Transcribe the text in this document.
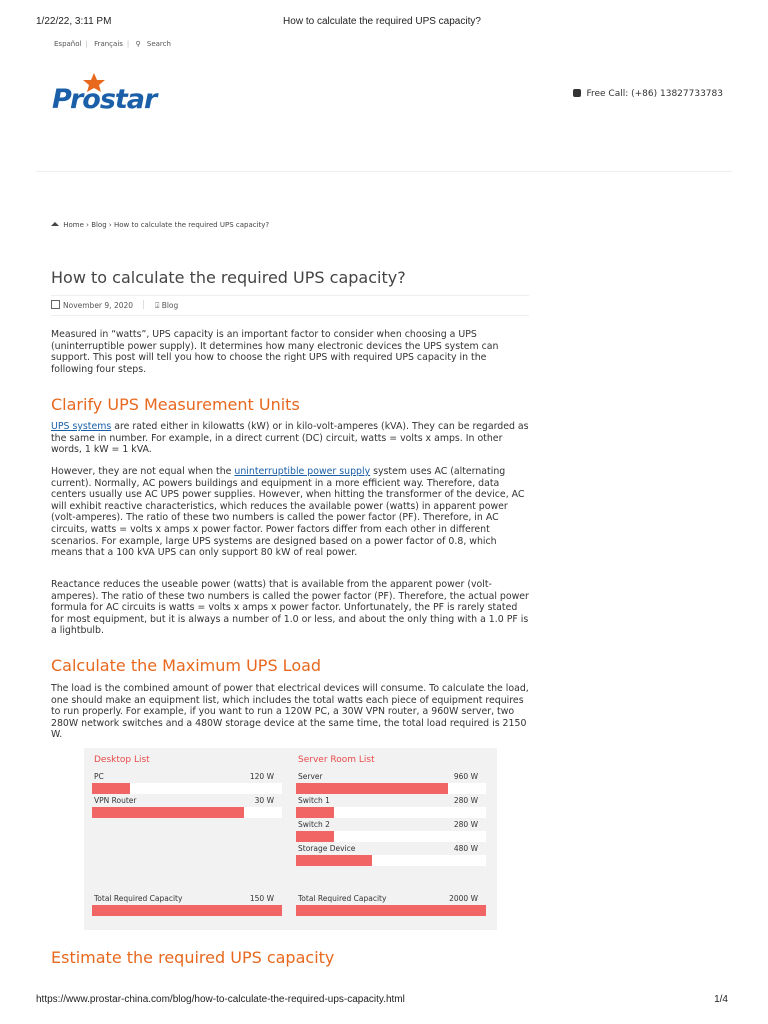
1/22/22, 3:11 PM	How to calculate the required UPS capacity?
Español | Français | ⚲ Search
Prostar	Free Call: (+86) 13827733783
Home › Blog › How to calculate the required UPS capacity?
How to calculate the required UPS capacity?
November 9, 2020	⍗ Blog

Measured in “watts”, UPS capacity is an important factor to consider when choosing a UPS (uninterruptible power supply). It determines how many electronic devices the UPS system can support. This post will tell you how to choose the right UPS with required UPS capacity in the following four steps.

Clarify UPS Measurement Units

UPS systems are rated either in kilowatts (kW) or in kilo-volt-amperes (kVA). They can be regarded as the same in number. For example, in a direct current (DC) circuit, watts = volts x amps. In other words, 1 kW = 1 kVA.

However, they are not equal when the uninterruptible power supply system uses AC (alternating current). Normally, AC powers buildings and equipment in a more efficient way. Therefore, data centers usually use AC UPS power supplies. However, when hitting the transformer of the device, AC will exhibit reactive characteristics, which reduces the available power (watts) in apparent power (volt-amperes). The ratio of these two numbers is called the power factor (PF). Therefore, in AC circuits, watts = volts x amps x power factor. Power factors differ from each other in different scenarios. For example, large UPS systems are designed based on a power factor of 0.8, which means that a 100 kVA UPS can only support 80 kW of real power.

Reactance reduces the useable power (watts) that is available from the apparent power (volt-amperes). The ratio of these two numbers is called the power factor (PF). Therefore, the actual power formula for AC circuits is watts = volts x amps x power factor. Unfortunately, the PF is rarely stated for most equipment, but it is always a number of 1.0 or less, and about the only thing with a 1.0 PF is a lightbulb.

Calculate the Maximum UPS Load

The load is the combined amount of power that electrical devices will consume. To calculate the load, one should make an equipment list, which includes the total watts each piece of equipment requires to run properly. For example, if you want to run a 120W PC, a 30W VPN router, a 960W server, two 280W network switches and a 480W storage device at the same time, the total load required is 2150 W.

Desktop List
PC	120 W
VPN Router	30 W
Total Required Capacity	150 W
Server Room List
Server	960 W
Switch 1	280 W
Switch 2	280 W
Storage Device	480 W
Total Required Capacity	2000 W
Estimate the required UPS capacity
https://www.prostar-china.com/blog/how-to-calculate-the-required-ups-capacity.html	1/4
